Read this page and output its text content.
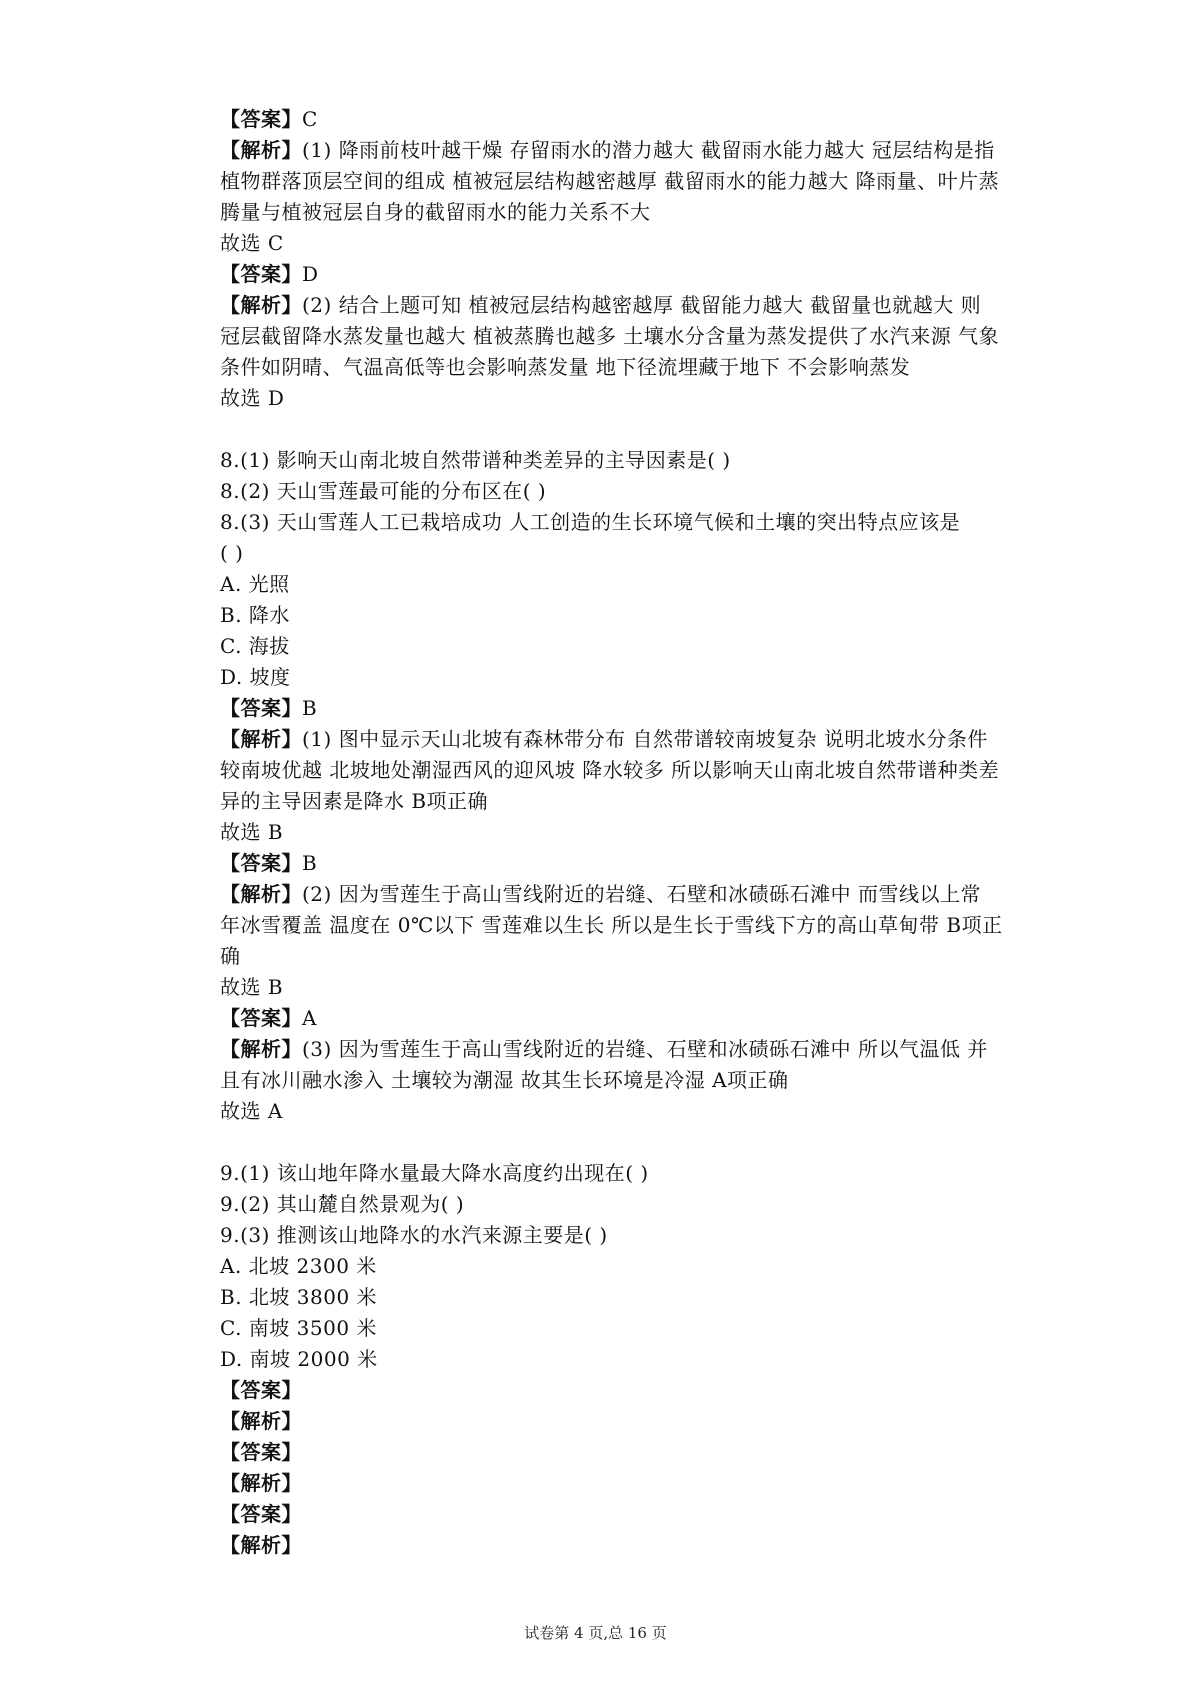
【答案】C
【解析】(1) 降雨前枝叶越干燥 存留雨水的潜力越大 截留雨水能力越大 冠层结构是指
植物群落顶层空间的组成 植被冠层结构越密越厚 截留雨水的能力越大 降雨量、叶片蒸
腾量与植被冠层自身的截留雨水的能力关系不大
故选 C
【答案】D
【解析】(2) 结合上题可知 植被冠层结构越密越厚 截留能力越大 截留量也就越大 则
冠层截留降水蒸发量也越大 植被蒸腾也越多 土壤水分含量为蒸发提供了水汽来源 气象
条件如阴晴、气温高低等也会影响蒸发量 地下径流埋藏于地下 不会影响蒸发
故选 D
8.(1) 影响天山南北坡自然带谱种类差异的主导因素是( )
8.(2) 天山雪莲最可能的分布区在( )
8.(3) 天山雪莲人工已栽培成功 人工创造的生长环境气候和土壤的突出特点应该是
( )
A. 光照
B. 降水
C. 海拔
D. 坡度
【答案】B
【解析】(1) 图中显示天山北坡有森林带分布 自然带谱较南坡复杂 说明北坡水分条件
较南坡优越 北坡地处潮湿西风的迎风坡 降水较多 所以影响天山南北坡自然带谱种类差
异的主导因素是降水 B项正确
故选 B
【答案】B
【解析】(2) 因为雪莲生于高山雪线附近的岩缝、石壁和冰碛砾石滩中 而雪线以上常
年冰雪覆盖 温度在 0℃以下 雪莲难以生长 所以是生长于雪线下方的高山草甸带 B项正
确
故选 B
【答案】A
【解析】(3) 因为雪莲生于高山雪线附近的岩缝、石壁和冰碛砾石滩中 所以气温低 并
且有冰川融水渗入 土壤较为潮湿 故其生长环境是冷湿 A项正确
故选 A
9.(1) 该山地年降水量最大降水高度约出现在( )
9.(2) 其山麓自然景观为( )
9.(3) 推测该山地降水的水汽来源主要是( )
A. 北坡 2300 米
B. 北坡 3800 米
C. 南坡 3500 米
D. 南坡 2000 米
【答案】
【解析】
【答案】
【解析】
【答案】
【解析】
试卷第 4 页,总 16 页
